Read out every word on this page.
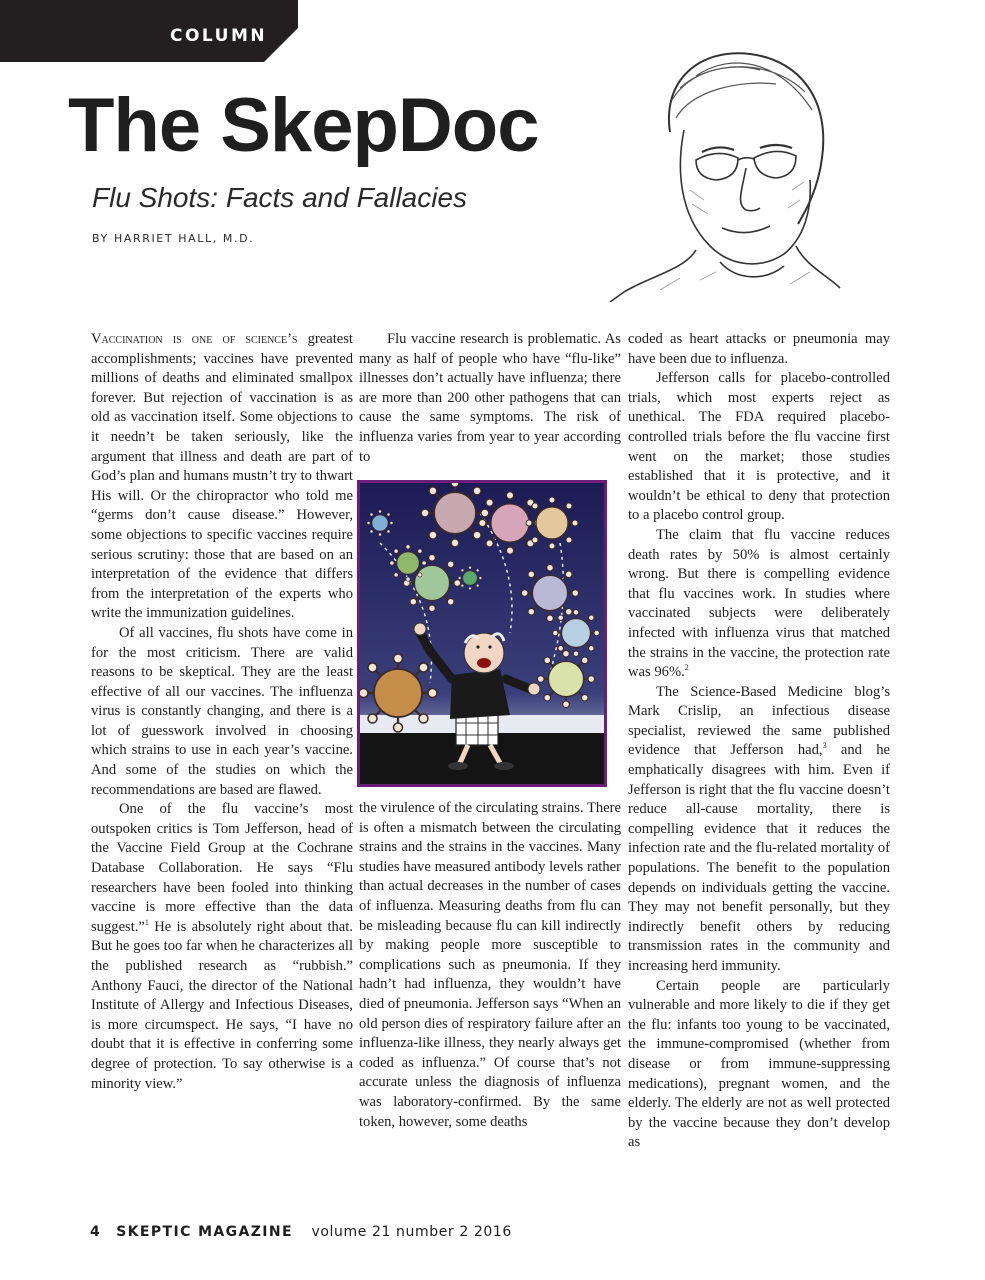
COLUMN
The SkepDoc
Flu Shots: Facts and Fallacies
BY HARRIET HALL, M.D.

Vaccination is one of science’s greatest accomplishments; vaccines have prevented millions of deaths and eliminated smallpox forever. But rejection of vaccination is as old as vaccination itself. Some objections to it needn’t be taken seriously, like the argument that illness and death are part of God’s plan and humans mustn’t try to thwart His will. Or the chiropractor who told me “germs don’t cause disease.” However, some objections to specific vaccines require serious scrutiny: those that are based on an interpretation of the evidence that differs from the interpretation of the experts who write the immunization guidelines.

Of all vaccines, flu shots have come in for the most criticism. There are valid reasons to be skeptical. They are the least effective of all our vaccines. The influenza virus is constantly changing, and there is a lot of guesswork involved in choosing which strains to use in each year’s vaccine. And some of the studies on which the recommendations are based are flawed.

One of the flu vaccine’s most outspoken critics is Tom Jefferson, head of the Vaccine Field Group at the Cochrane Database Collaboration. He says “Flu researchers have been fooled into thinking vaccine is more effective than the data suggest.”$^1$ He is absolutely right about that. But he goes too far when he characterizes all the published research as “rubbish.” Anthony Fauci, the director of the National Institute of Allergy and Infectious Diseases, is more circumspect. He says, “I have no doubt that it is effective in conferring some degree of protection. To say otherwise is a minority view.”

Flu vaccine research is problematic. As many as half of people who have “flu-like” illnesses don’t actually have influenza; there are more than 200 other pathogens that can cause the same symptoms. The risk of influenza varies from year to year according to

the virulence of the circulating strains. There is often a mismatch between the circulating strains and the strains in the vaccines. Many studies have measured antibody levels rather than actual decreases in the number of cases of influenza. Measuring deaths from flu can be misleading because flu can kill indirectly by making people more susceptible to complications such as pneumonia. If they hadn’t had influenza, they wouldn’t have died of pneumonia. Jefferson says “When an old person dies of respiratory failure after an influenza-like illness, they nearly always get coded as influenza.” Of course that’s not accurate unless the diagnosis of influenza was laboratory-confirmed. By the same token, however, some deaths

coded as heart attacks or pneumonia may have been due to influenza.

Jefferson calls for placebo-controlled trials, which most experts reject as unethical. The FDA required placebo-controlled trials before the flu vaccine first went on the market; those studies established that it is protective, and it wouldn’t be ethical to deny that protection to a placebo control group.

The claim that flu vaccine reduces death rates by 50% is almost certainly wrong. But there is compelling evidence that flu vaccines work. In studies where vaccinated subjects were deliberately infected with influenza virus that matched the strains in the vaccine, the protection rate was 96%.$^2$

The Science-Based Medicine blog’s Mark Crislip, an infectious disease specialist, reviewed the same published evidence that Jefferson had,$^3$ and he emphatically disagrees with him. Even if Jefferson is right that the flu vaccine doesn’t reduce all-cause mortality, there is compelling evidence that it reduces the infection rate and the flu-related mortality of populations. The benefit to the population depends on individuals getting the vaccine. They may not benefit personally, but they indirectly benefit others by reducing transmission rates in the community and increasing herd immunity.

Certain people are particularly vulnerable and more likely to die if they get the flu: infants too young to be vaccinated, the immune-compromised (whether from disease or from immune-suppressing medications), pregnant women, and the elderly. The elderly are not as well protected by the vaccine because they don’t develop as

4 SKEPTIC MAGAZINE volume 21 number 2 2016
